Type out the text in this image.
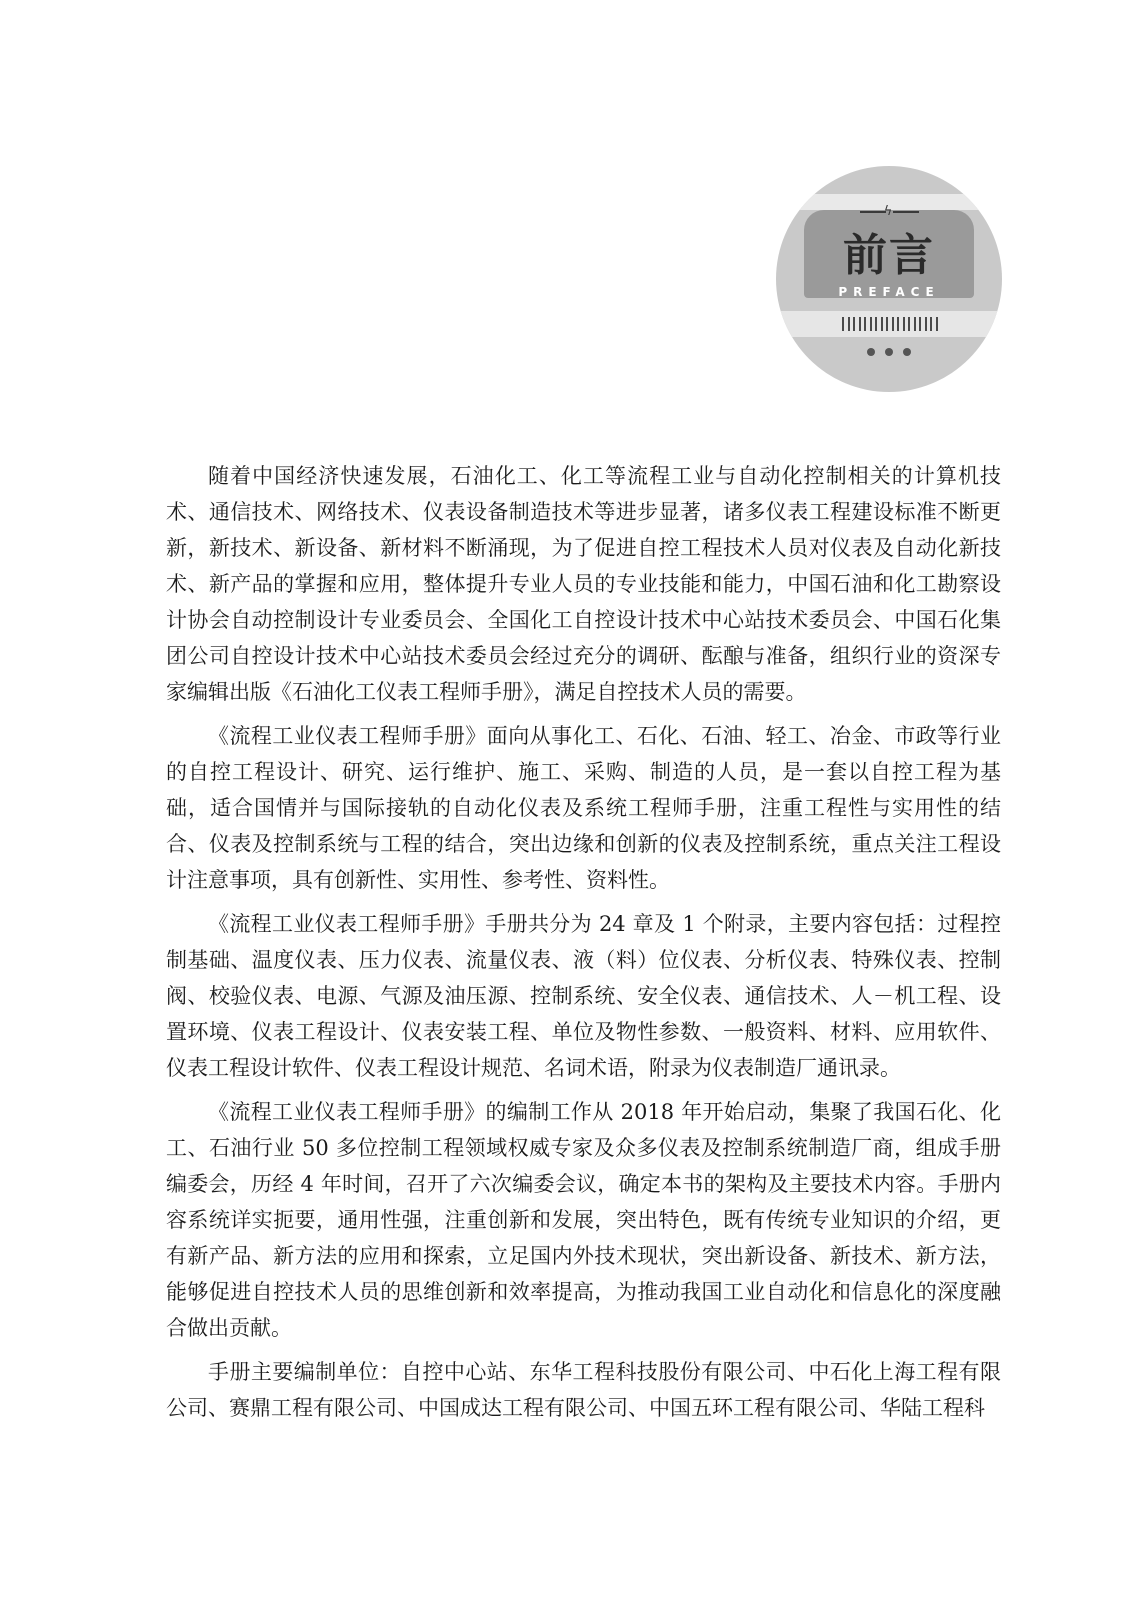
ϟ
前言
PREFACE

随着中国经济快速发展，石油化工、化工等流程工业与自动化控制相关的计算机技术、通信技术、网络技术、仪表设备制造技术等进步显著，诸多仪表工程建设标准不断更新，新技术、新设备、新材料不断涌现，为了促进自控工程技术人员对仪表及自动化新技术、新产品的掌握和应用，整体提升专业人员的专业技能和能力，中国石油和化工勘察设计协会自动控制设计专业委员会、全国化工自控设计技术中心站技术委员会、中国石化集团公司自控设计技术中心站技术委员会经过充分的调研、酝酿与准备，组织行业的资深专家编辑出版《石油化工仪表工程师手册》，满足自控技术人员的需要。

《流程工业仪表工程师手册》面向从事化工、石化、石油、轻工、冶金、市政等行业的自控工程设计、研究、运行维护、施工、采购、制造的人员，是一套以自控工程为基础，适合国情并与国际接轨的自动化仪表及系统工程师手册，注重工程性与实用性的结合、仪表及控制系统与工程的结合，突出边缘和创新的仪表及控制系统，重点关注工程设计注意事项，具有创新性、实用性、参考性、资料性。

《流程工业仪表工程师手册》手册共分为 24 章及 1 个附录，主要内容包括：过程控制基础、温度仪表、压力仪表、流量仪表、液（料）位仪表、分析仪表、特殊仪表、控制阀、校验仪表、电源、气源及油压源、控制系统、安全仪表、通信技术、人－机工程、设置环境、仪表工程设计、仪表安装工程、单位及物性参数、一般资料、材料、应用软件、仪表工程设计软件、仪表工程设计规范、名词术语，附录为仪表制造厂通讯录。

《流程工业仪表工程师手册》的编制工作从 2018 年开始启动，集聚了我国石化、化工、石油行业 50 多位控制工程领域权威专家及众多仪表及控制系统制造厂商，组成手册编委会，历经 4 年时间，召开了六次编委会议，确定本书的架构及主要技术内容。手册内容系统详实扼要，通用性强，注重创新和发展，突出特色，既有传统专业知识的介绍，更有新产品、新方法的应用和探索，立足国内外技术现状，突出新设备、新技术、新方法，能够促进自控技术人员的思维创新和效率提高，为推动我国工业自动化和信息化的深度融合做出贡献。

手册主要编制单位：自控中心站、东华工程科技股份有限公司、中石化上海工程有限公司、赛鼎工程有限公司、中国成达工程有限公司、中国五环工程有限公司、华陆工程科
